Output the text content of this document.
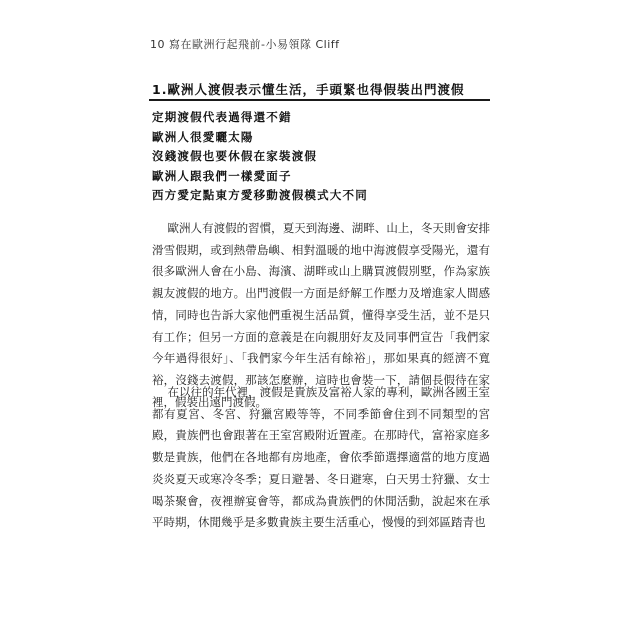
10 寫在歐洲行起飛前-小易領隊 Cliff
1.歐洲人渡假表示懂生活，手頭緊也得假裝出門渡假
定期渡假代表過得還不錯
歐洲人很愛曬太陽
沒錢渡假也要休假在家裝渡假
歐洲人跟我們一樣愛面子
西方愛定點東方愛移動渡假模式大不同

歐洲人有渡假的習慣，夏天到海邊、湖畔、山上，冬天則會安排滑雪假期，或到熱帶島嶼、相對溫暖的地中海渡假享受陽光，還有很多歐洲人會在小島、海濱、湖畔或山上購買渡假別墅，作為家族親友渡假的地方。出門渡假一方面是紓解工作壓力及增進家人間感情，同時也告訴大家他們重視生活品質，懂得享受生活，並不是只有工作；但另一方面的意義是在向親朋好友及同事們宣告「我們家今年過得很好」、「我們家今年生活有餘裕」，那如果真的經濟不寬裕，沒錢去渡假，那該怎麼辦，這時也會裝一下，請個長假待在家裡，假裝出遠門渡假。

在以往的年代裡，渡假是貴族及富裕人家的專利，歐洲各國王室都有夏宮、冬宮、狩獵宮殿等等，不同季節會住到不同類型的宮殿，貴族們也會跟著在王室宮殿附近置產。在那時代，富裕家庭多數是貴族，他們在各地都有房地產，會依季節選擇適當的地方度過炎炎夏天或寒冷冬季；夏日避暑、冬日避寒，白天男士狩獵、女士喝茶聚會，夜裡辦宴會等，都成為貴族們的休閒活動，說起來在承平時期，休閒幾乎是多數貴族主要生活重心，慢慢的到郊區踏青也
